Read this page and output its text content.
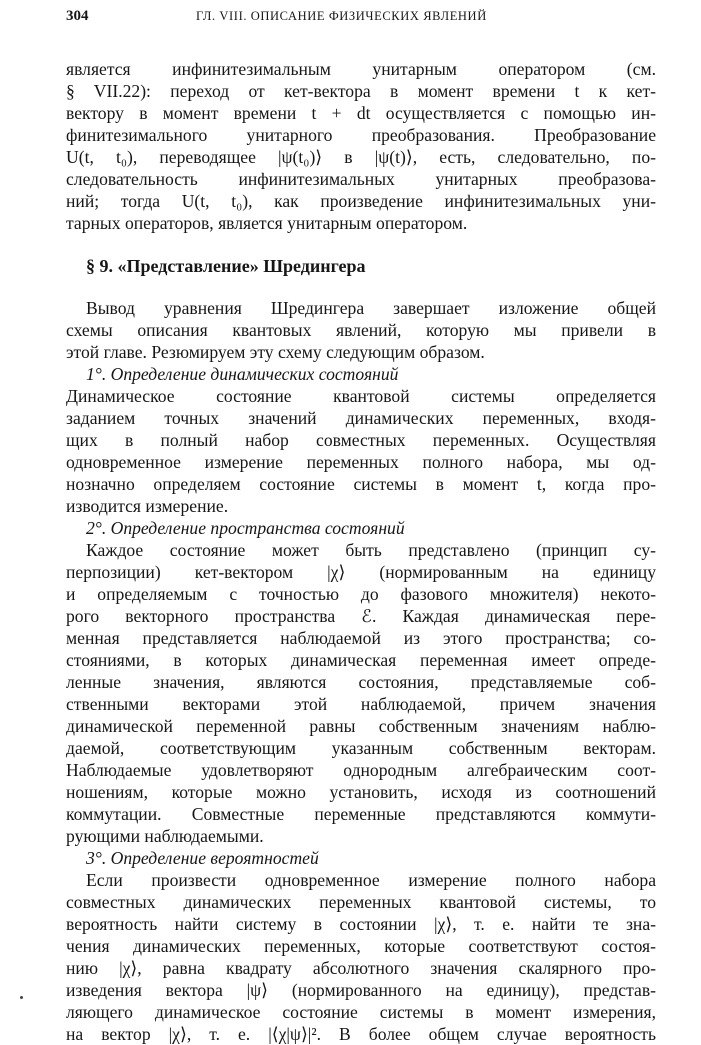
304	ГЛ. VIII. ОПИСАНИЕ ФИЗИЧЕСКИХ ЯВЛЕНИЙ
является инфинитезимальным унитарным оператором (см.
§ VII.22): переход от кет-вектора в момент времени t к кет-
вектору в момент времени t + dt осуществляется с помощью ин-
финитезимального унитарного преобразования. Преобразование
U(t, t₀), переводящее |ψ(t₀)⟩ в |ψ(t)⟩, есть, следовательно, по-
следовательность инфинитезимальных унитарных преобразова-
ний; тогда U(t, t₀), как произведение инфинитезимальных уни-
тарных операторов, является унитарным оператором.
§ 9. «Представление» Шредингера
Вывод уравнения Шредингера завершает изложение общей
схемы описания квантовых явлений, которую мы привели в
этой главе. Резюмируем эту схему следующим образом.
1°. Определение динамических состояний
Динамическое состояние квантовой системы определяется
заданием точных значений динамических переменных, входя-
щих в полный набор совместных переменных. Осуществляя
одновременное измерение переменных полного набора, мы од-
нозначно определяем состояние системы в момент t, когда про-
изводится измерение.
2°. Определение пространства состояний
Каждое состояние может быть представлено (принцип су-
перпозиции) кет-вектором |χ⟩ (нормированным на единицу
и определяемым с точностью до фазового множителя) некото-
рого векторного пространства ℰ. Каждая динамическая пере-
менная представляется наблюдаемой из этого пространства; со-
стояниями, в которых динамическая переменная имеет опреде-
ленные значения, являются состояния, представляемые соб-
ственными векторами этой наблюдаемой, причем значения
динамической переменной равны собственным значениям наблю-
даемой, соответствующим указанным собственным векторам.
Наблюдаемые удовлетворяют однородным алгебраическим соот-
ношениям, которые можно установить, исходя из соотношений
коммутации. Совместные переменные представляются коммути-
рующими наблюдаемыми.
3°. Определение вероятностей
Если произвести одновременное измерение полного набора
совместных динамических переменных квантовой системы, то
вероятность найти систему в состоянии |χ⟩, т. е. найти те зна-
чения динамических переменных, которые соответствуют состоя-
нию |χ⟩, равна квадрату абсолютного значения скалярного про-
изведения вектора |ψ⟩ (нормированного на единицу), представ-
ляющего динамическое состояние системы в момент измерения,
на вектор |χ⟩, т. е. |⟨χ|ψ⟩|². В более общем случае вероятность
